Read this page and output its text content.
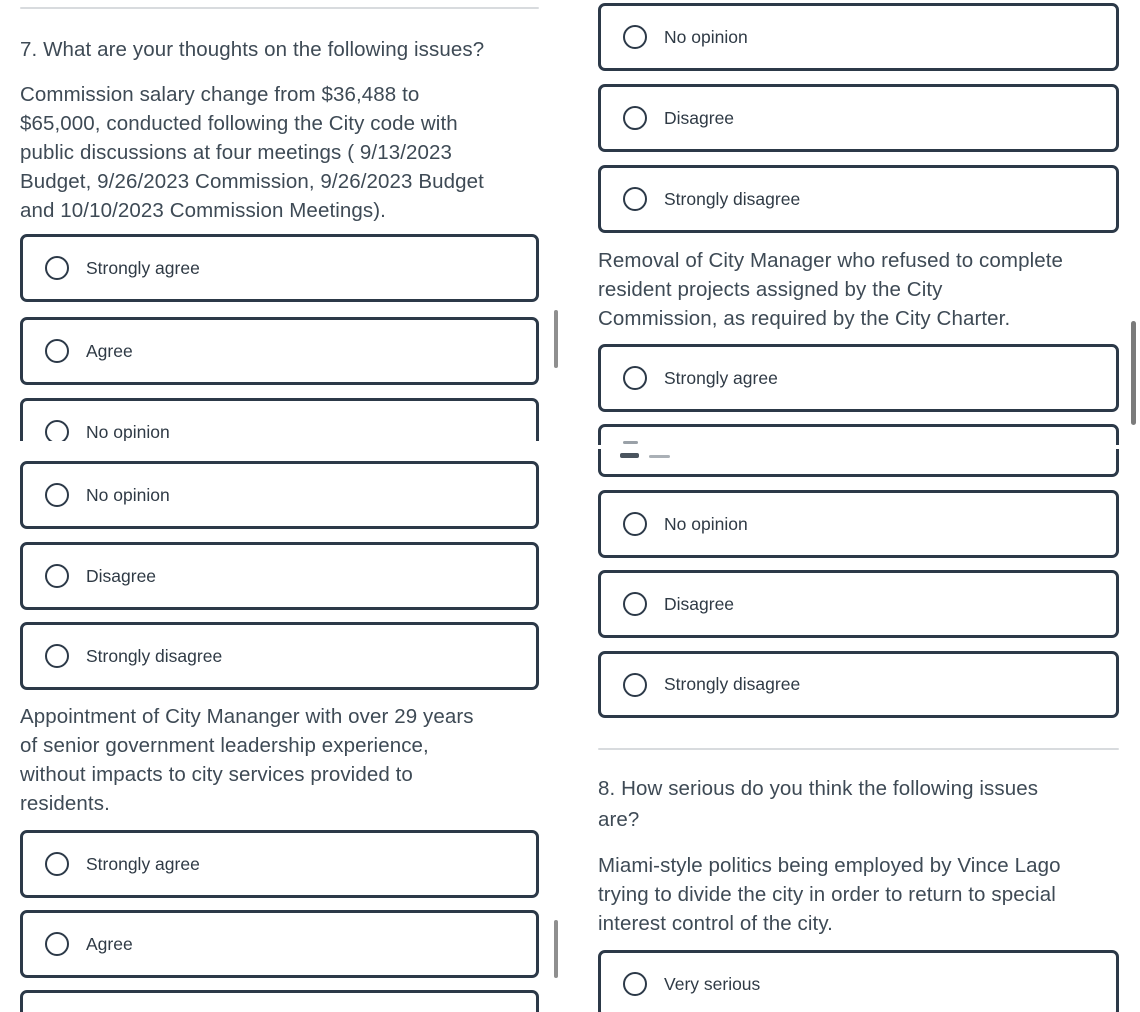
7. What are your thoughts on the following issues?
Commission salary change from $36,488 to
$65,000, conducted following the City code with
public discussions at four meetings ( 9/13/2023
Budget, 9/26/2023 Commission, 9/26/2023 Budget
and 10/10/2023 Commission Meetings).
Strongly agree
Agree
No opinion
No opinion
Disagree
Strongly disagree
Appointment of City Mananger with over 29 years
of senior government leadership experience,
without impacts to city services provided to
residents.
Strongly agree
Agree
No opinion
Disagree
Strongly disagree
Removal of City Manager who refused to complete
resident projects assigned by the City
Commission, as required by the City Charter.
Strongly agree
No opinion
Disagree
Strongly disagree
8. How serious do you think the following issues
are?
Miami-style politics being employed by Vince Lago
trying to divide the city in order to return to special
interest control of the city.
Very serious
